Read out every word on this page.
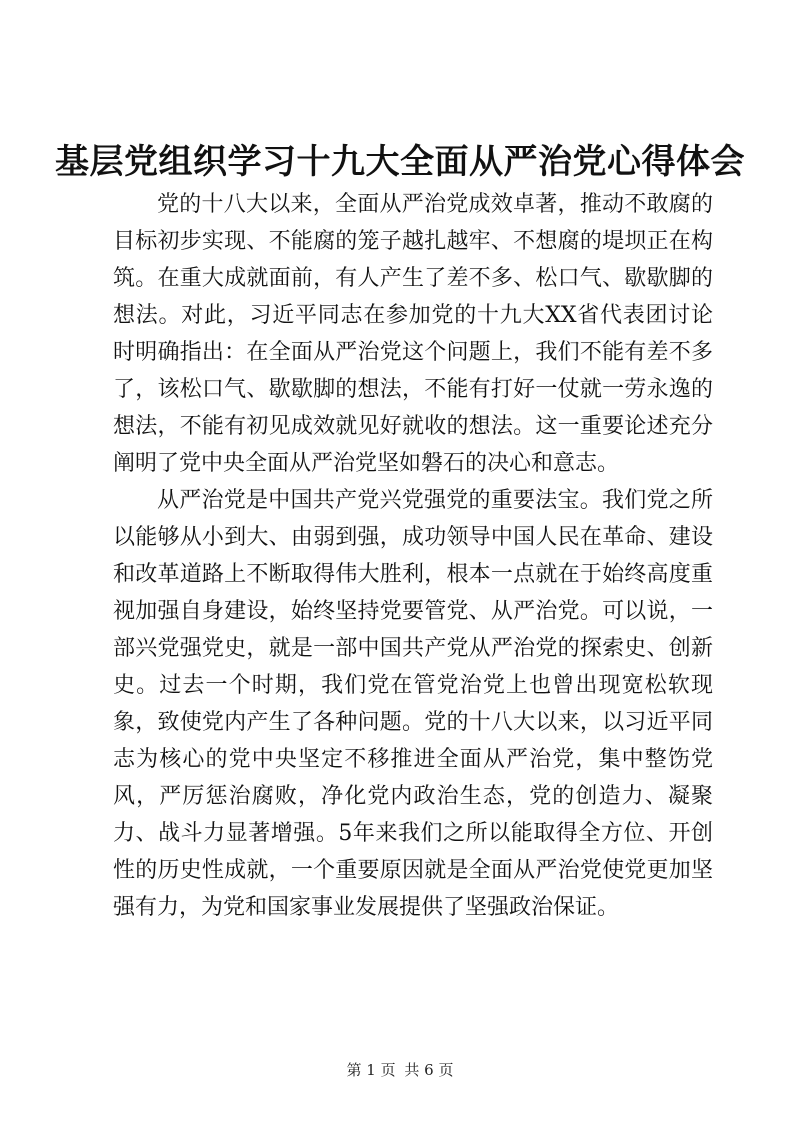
基层党组织学习十九大全面从严治党心得体会

党的十八大以来，全面从严治党成效卓著，推动不敢腐的目标初步实现、不能腐的笼子越扎越牢、不想腐的堤坝正在构筑。在重大成就面前，有人产生了差不多、松口气、歇歇脚的想法。对此，习近平同志在参加党的十九大XX省代表团讨论时明确指出：在全面从严治党这个问题上，我们不能有差不多了，该松口气、歇歇脚的想法，不能有打好一仗就一劳永逸的想法，不能有初见成效就见好就收的想法。这一重要论述充分阐明了党中央全面从严治党坚如磐石的决心和意志。

从严治党是中国共产党兴党强党的重要法宝。我们党之所以能够从小到大、由弱到强，成功领导中国人民在革命、建设和改革道路上不断取得伟大胜利，根本一点就在于始终高度重视加强自身建设，始终坚持党要管党、从严治党。可以说，一部兴党强党史，就是一部中国共产党从严治党的探索史、创新史。过去一个时期，我们党在管党治党上也曾出现宽松软现象，致使党内产生了各种问题。党的十八大以来，以习近平同志为核心的党中央坚定不移推进全面从严治党，集中整饬党风，严厉惩治腐败，净化党内政治生态，党的创造力、凝聚力、战斗力显著增强。5年来我们之所以能取得全方位、开创性的历史性成就，一个重要原因就是全面从严治党使党更加坚强有力，为党和国家事业发展提供了坚强政治保证。

第 1 页 共 6 页
